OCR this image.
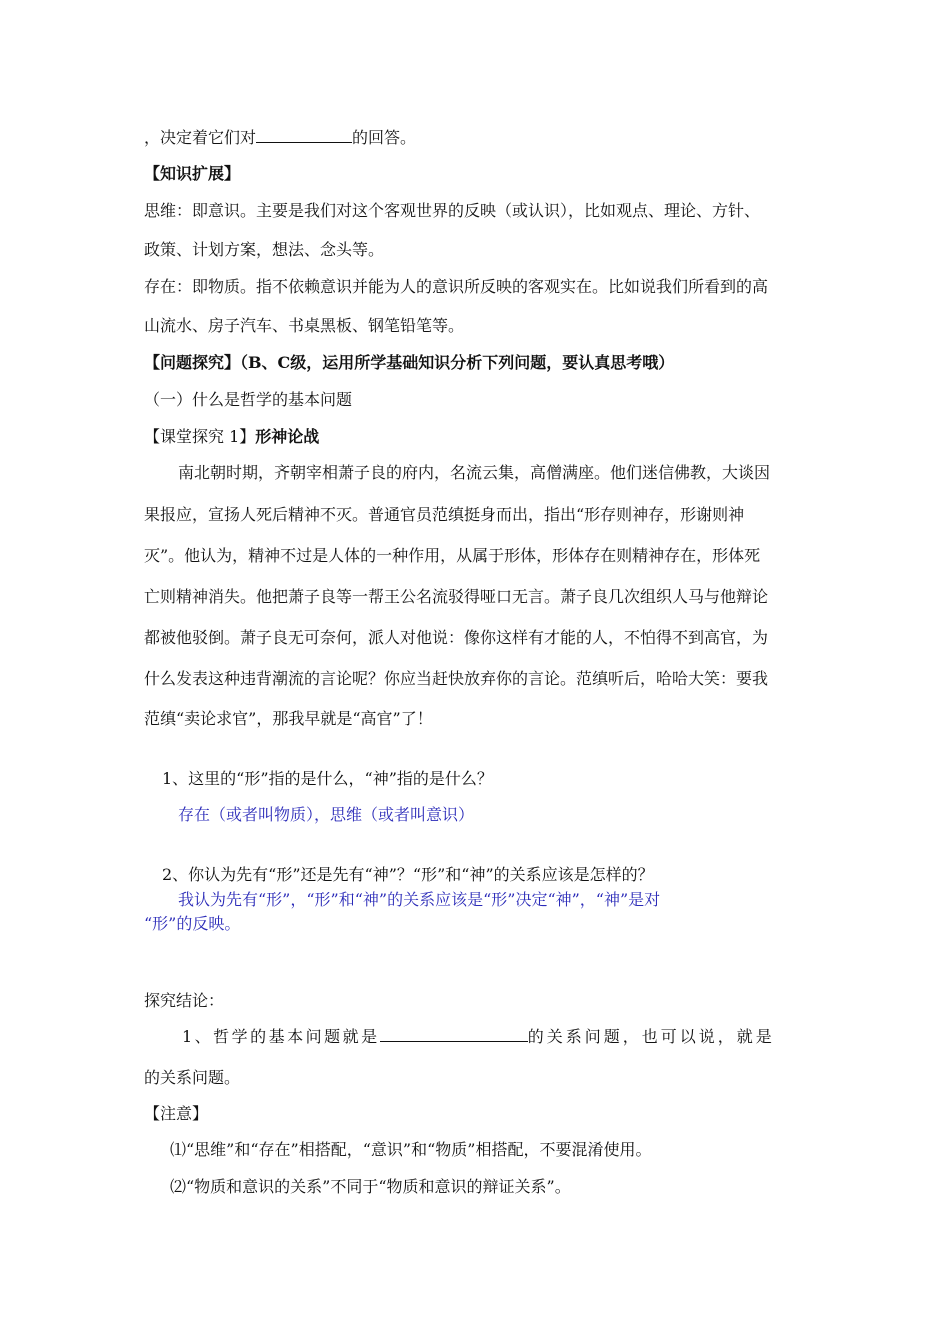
，决定着它们对	的回答。
【知识扩展】
思维：即意识。主要是我们对这个客观世界的反映（或认识），比如观点、理论、方针、
政策、计划方案，想法、念头等。
存在：即物质。指不依赖意识并能为人的意识所反映的客观实在。比如说我们所看到的高
山流水、房子汽车、书桌黑板、钢笔铅笔等。
【问题探究】（B、C级，运用所学基础知识分析下列问题，要认真思考哦）
（一）什么是哲学的基本问题
【课堂探究 1】形神论战
南北朝时期，齐朝宰相萧子良的府内，名流云集，高僧满座。他们迷信佛教，大谈因
果报应，宣扬人死后精神不灭。普通官员范缜挺身而出，指出“形存则神存，形谢则神
灭”。他认为，精神不过是人体的一种作用，从属于形体，形体存在则精神存在，形体死
亡则精神消失。他把萧子良等一帮王公名流驳得哑口无言。萧子良几次组织人马与他辩论
都被他驳倒。萧子良无可奈何，派人对他说：像你这样有才能的人，不怕得不到高官，为
什么发表这种违背潮流的言论呢？你应当赶快放弃你的言论。范缜听后，哈哈大笑：要我
范缜“卖论求官”，那我早就是“高官”了！
1、这里的“形”指的是什么，“神”指的是什么？
存在（或者叫物质），思维（或者叫意识）
2、你认为先有“形”还是先有“神”？“形”和“神”的关系应该是怎样的？
我认为先有“形”，“形”和“神”的关系应该是“形”决定“神”，“神”是对
“形”的反映。
探究结论：
1、哲学的基本问题就是	的关系问题，也可以说，就是
的关系问题。
【注意】
⑴“思维”和“存在”相搭配，“意识”和“物质”相搭配，不要混淆使用。
⑵“物质和意识的关系”不同于“物质和意识的辩证关系”。
